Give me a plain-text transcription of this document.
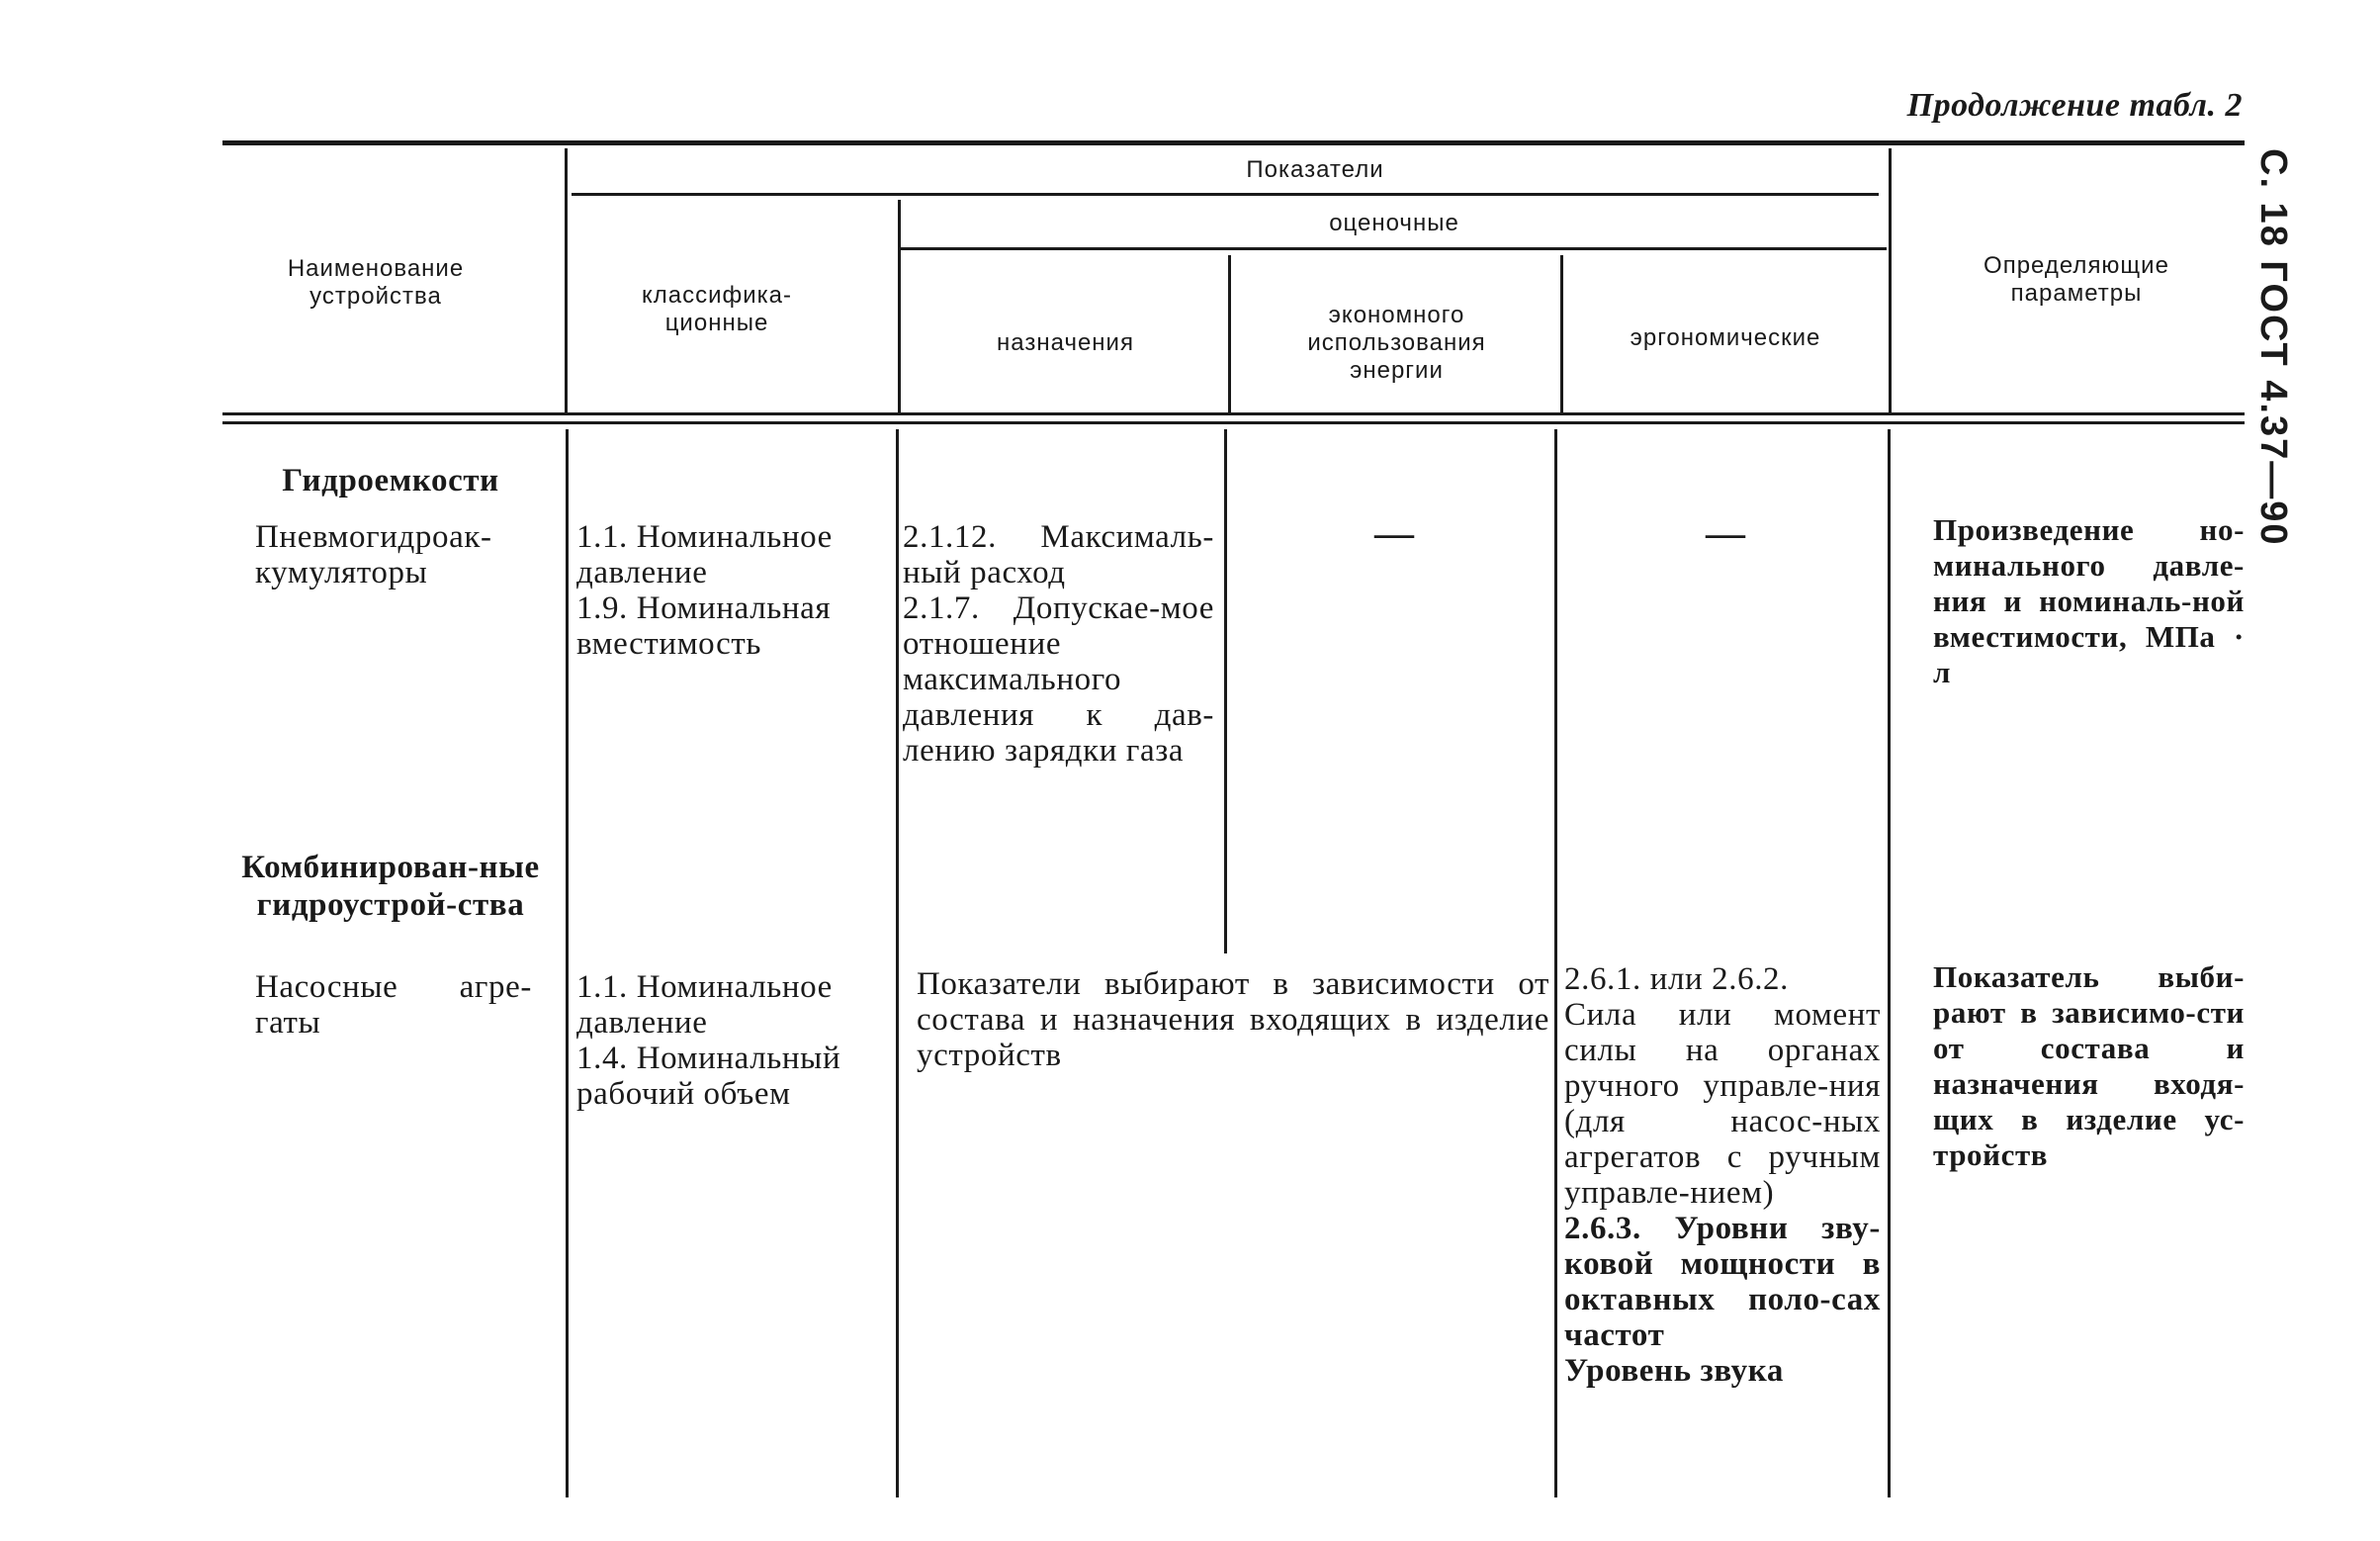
Продолжение табл. 2
С. 18 ГОСТ 4.37—90
Наименование устройства
Показатели
классифика-ционные
оценочные
назначения
экономного использования энергии
эргономические
Определяющие параметры
Гидроемкости
Пневмогидроак-кумуляторы

1.1. Номинальное давление

1.9. Номинальная вместимость

2.1.12. Максималь-ный расход

2.1.7. Допускае-мое отношение максимального давления к дав-лению зарядки газа

—	—	Произведение но-минального давле-ния и номиналь-ной вместимости, МПа · л
Комбинирован-ные гидроустрой-ства
Насосные агре-гаты

1.1. Номинальное давление

1.4. Номинальный рабочий объем

Показатели выбирают в зависимости от состава и назначения входящих в изделие устройств

2.6.1. или 2.6.2.

Сила или момент силы на органах ручного управле-ния (для насос-ных агрегатов с ручным управле-нием)

2.6.3. Уровни зву-ковой мощности в октавных поло-сах частот

Уровень звука

Показатель выби-рают в зависимо-сти от состава и назначения входя-щих в изделие ус-тройств
